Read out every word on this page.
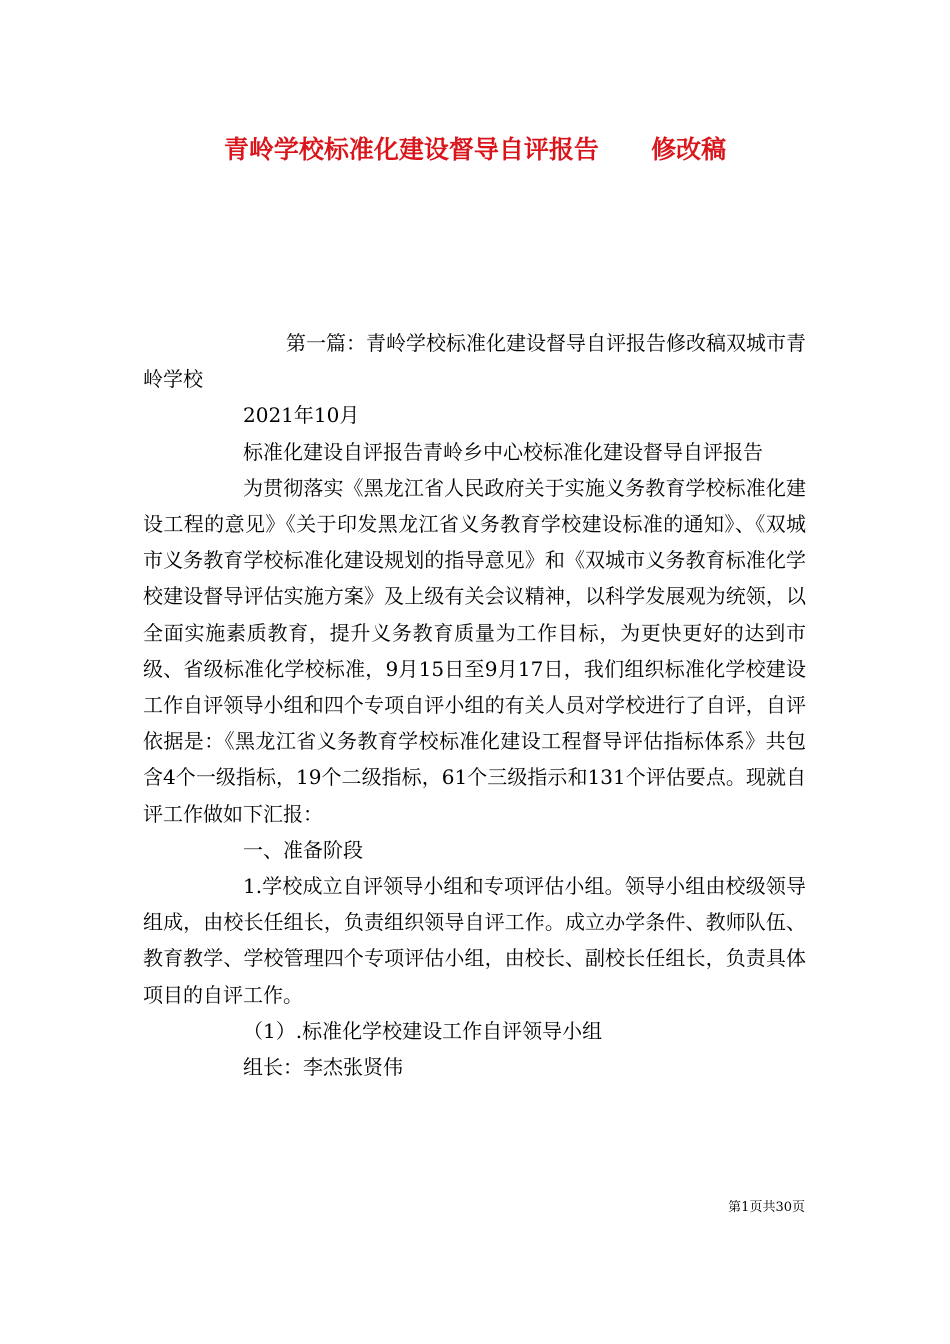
青岭学校标准化建设督导自评报告      修改稿

第一篇：青岭学校标准化建设督导自评报告修改稿双城市青岭学校

2021年10月

标准化建设自评报告青岭乡中心校标准化建设督导自评报告

为贯彻落实《黑龙江省人民政府关于实施义务教育学校标准化建设工程的意见》《关于印发黑龙江省义务教育学校建设标准的通知》、《双城市义务教育学校标准化建设规划的指导意见》和《双城市义务教育标准化学校建设督导评估实施方案》及上级有关会议精神，以科学发展观为统领，以全面实施素质教育，提升义务教育质量为工作目标，为更快更好的达到市级、省级标准化学校标准，9月15日至9月17日，我们组织标准化学校建设工作自评领导小组和四个专项自评小组的有关人员对学校进行了自评，自评依据是：《黑龙江省义务教育学校标准化建设工程督导评估指标体系》共包含4个一级指标，19个二级指标，61个三级指示和131个评估要点。现就自评工作做如下汇报：

一、准备阶段

1.学校成立自评领导小组和专项评估小组。领导小组由校级领导组成，由校长任组长，负责组织领导自评工作。成立办学条件、教师队伍、教育教学、学校管理四个专项评估小组，由校长、副校长任组长，负责具体项目的自评工作。

（1）.标准化学校建设工作自评领导小组

组长：李杰张贤伟

第1页共30页
